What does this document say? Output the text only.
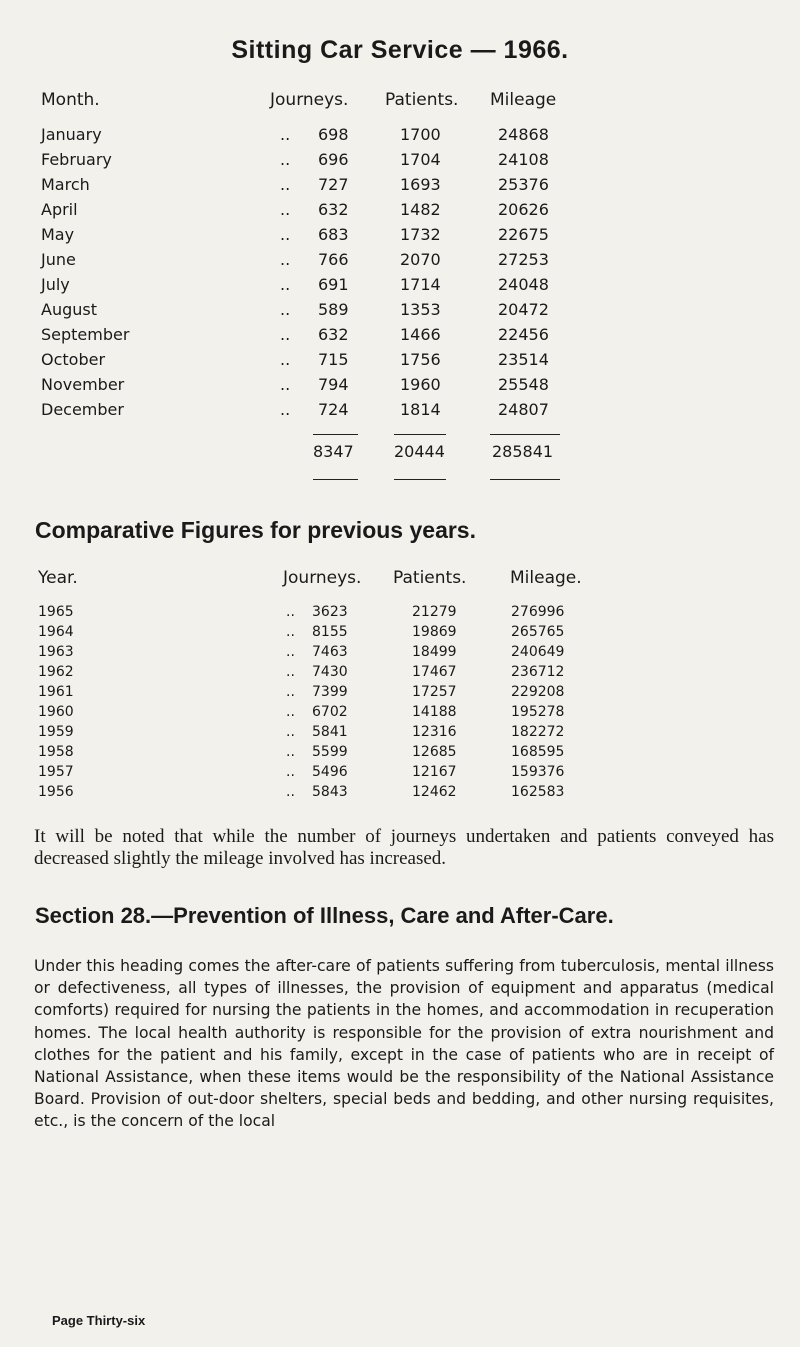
Sitting Car Service — 1966.
Month.	Journeys. Patients. Mileage
January	.. 698	1700	24868
February	.. 696	1704	24108
March	.. 727	1693	25376
April	.. 632	1482	20626
May	.. 683	1732	22675
June	.. 766	2070	27253
July	.. 691	1714	24048
August	.. 589	1353	20472
September	.. 632	1466	22456
October	.. 715	1756	23514
November	.. 794	1960	25548
December	.. 724	1814	24807
8347	20444	285841
Comparative Figures for previous years.
Year.	Journeys. Patients.	Mileage.
1965	.. 3623	21279	276996
1964	.. 8155	19869	265765
1963	.. 7463	18499	240649
1962	.. 7430	17467	236712
1961	.. 7399	17257	229208
1960	.. 6702	14188	195278
1959	.. 5841	12316	182272
1958	.. 5599	12685	168595
1957	.. 5496	12167	159376
1956	.. 5843	12462	162583

It will be noted that while the number of journeys undertaken and patients conveyed has decreased slightly the mileage involved has increased.

Section 28.—Prevention of Illness, Care and After-Care.

Under this heading comes the after-care of patients suffering from tuberculosis, mental illness or defectiveness, all types of illnesses, the provision of equipment and apparatus (medical comforts) required for nursing the patients in the homes, and accommodation in recuperation homes. The local health authority is responsible for the provision of extra nourishment and clothes for the patient and his family, except in the case of patients who are in receipt of National Assistance, when these items would be the responsibility of the National Assistance Board. Provision of out-door shelters, special beds and bedding, and other nursing requisites, etc., is the concern of the local

Page Thirty-six
